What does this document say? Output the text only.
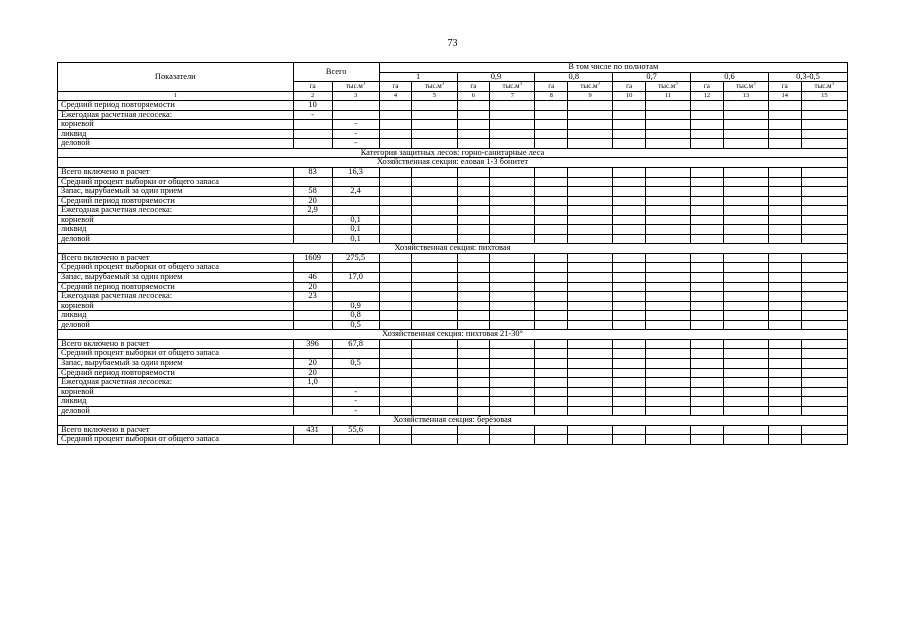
73
Показатели	Всего		В том числе по полнотам											
			1		0,9		0,8		0,7		0,6		0,3-0,5	
	га	$тыс.м^3$	га	$тыс.м^3$	га	$тыс.м^3$	га	$тыс.м^3$	га	$тыс.м^3$	га	$тыс.м^3$	га	$тыс.м^3$
1	2	3	4	5	6	7	8	9	10	11	12	13	14	15
Средний период повторяемости	10													
Ежегодная расчетная лесосека:	-													
корневой		-												
ликвид		-												
деловой		-												
Категория защитных лесов: горно-санитарные леса														
Хозяйственная секция: еловая 1-3 бонитет														
Всего включено в расчет	83	16,3												
Средний процент выборки от общего запаса														
Запас, вырубаемый за один прием	58	2,4												
Средний период повторяемости	20													
Ежегодная расчетная лесосека:	2,9													
корневой		0,1												
ликвид		0,1												
деловой		0,1												
Хозяйственная секция: пихтовая														
Всего включено в расчет	1609	275,5												
Средний процент выборки от общего запаса														
Запас, вырубаемый за один прием	46	17,0												
Средний период повторяемости	20													
Ежегодная расчетная лесосека:	23													
корневой		0,9												
ликвид		0,8												
деловой		0,5												
Хозяйственная секция: пихтовая 21-30°														
Всего включено в расчет	396	67,8												
Средний процент выборки от общего запаса														
Запас, вырубаемый за один прием	20	0,5												
Средний период повторяемости	20													
Ежегодная расчетная лесосека:	1,0													
корневой		-												
ликвид		-												
деловой		-												
Хозяйственная секция: берёзовая														
Всего включено в расчет	431	55,6												
Средний процент выборки от общего запаса														
